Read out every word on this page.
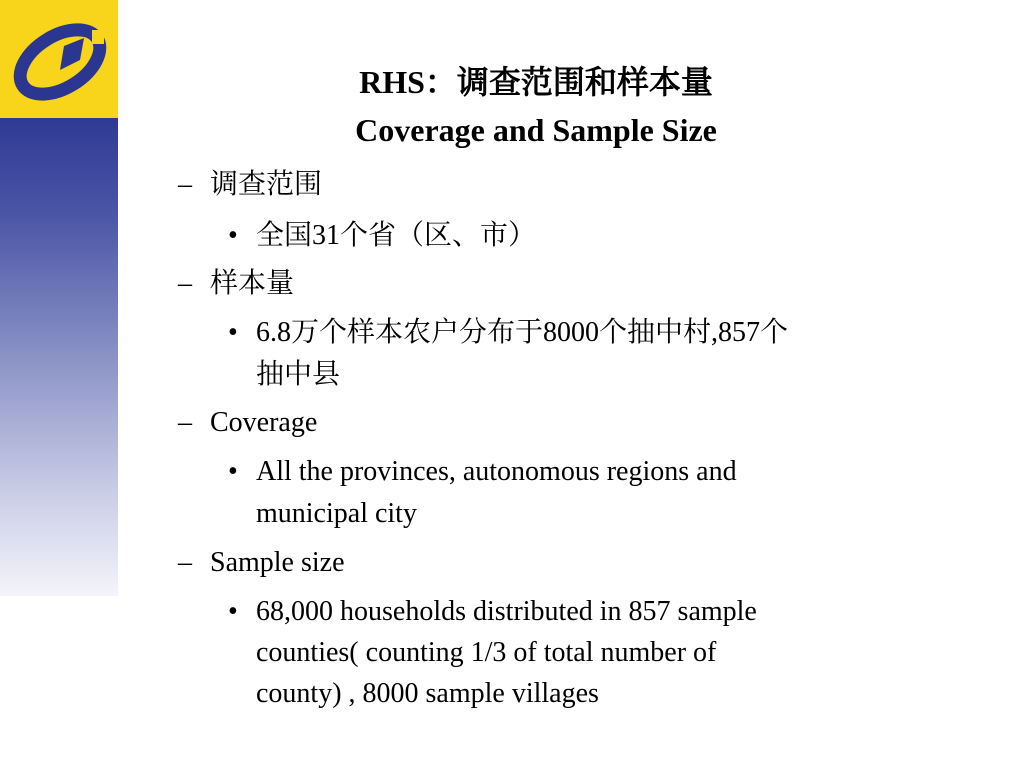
RHS：调查范围和样本量
Coverage and Sample Size
– 调查范围
• 全国31个省（区、市）
– 样本量
• 6.8万个样本农户分布于8000个抽中村,857个
抽中县
– Coverage
• All the provinces, autonomous regions and
municipal city
– Sample size
• 68,000 households distributed in 857 sample
counties( counting 1/3 of total number of
county) , 8000 sample villages
